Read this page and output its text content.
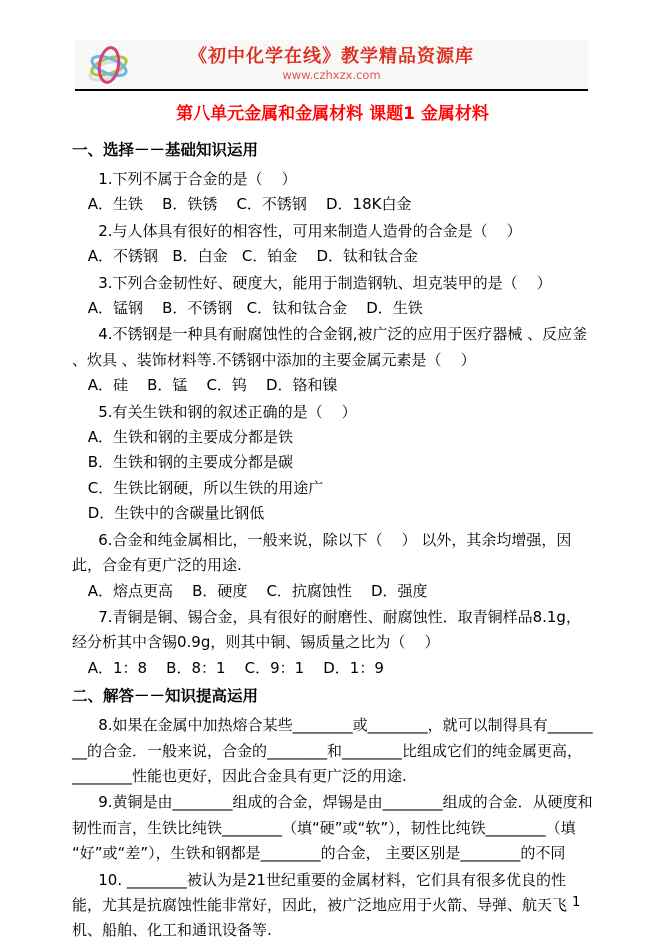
《初中化学在线》教学精品资源库
www.czhxzx.com
第八单元金属和金属材料 课题1 金属材料
一、选择－－基础知识运用

1.下列不属于合金的是（    ）

A．生铁    B．铁锈    C．不锈钢    D．18K白金

2.与人体具有很好的相容性，可用来制造人造骨的合金是（    ）

A．不锈钢   B．白金   C．铂金    D．钛和钛合金

3.下列合金韧性好、硬度大，能用于制造钢轨、坦克装甲的是（    ）

A．锰钢    B．不锈钢   C．钛和钛合金    D．生铁

4.不锈钢是一种具有耐腐蚀性的合金钢,被广泛的应用于医疗器械 、反应釜 、炊具 、装饰材料等.不锈钢中添加的主要金属元素是（    ）

A．硅    B．锰    C．钨    D．铬和镍

5.有关生铁和钢的叙述正确的是（    ）

A．生铁和钢的主要成分都是铁

B．生铁和钢的主要成分都是碳

C．生铁比钢硬，所以生铁的用途广

D．生铁中的含碳量比钢低

6.合金和纯金属相比，一般来说，除以下（    ） 以外，其余均增强，因此，合金有更广泛的用途.

A．熔点更高    B．硬度    C．抗腐蚀性    D．强度

7.青铜是铜、锡合金，具有很好的耐磨性、耐腐蚀性．取青铜样品8.1g，经分析其中含锡0.9g，则其中铜、锡质量之比为（    ）

A．1：8    B．8：1    C．9：1    D．1：9

二、解答－－知识提高运用

8.如果在金属中加热熔合某些________或________，就可以制得具有________的合金．一般来说，合金的________和________比组成它们的纯金属更高， ________性能也更好，因此合金具有更广泛的用途.

9.黄铜是由________组成的合金，焊锡是由________组成的合金．从硬度和韧性而言，生铁比纯铁________（填“硬”或“软”），韧性比纯铁________（填“好”或“差”），生铁和钢都是________的合金， 主要区别是________的不同

10. ________被认为是21世纪重要的金属材料，它们具有很多优良的性能，尤其是抗腐蚀性能非常好，因此，被广泛地应用于火箭、导弹、航天飞机、船舶、化工和通讯设备等.

1
